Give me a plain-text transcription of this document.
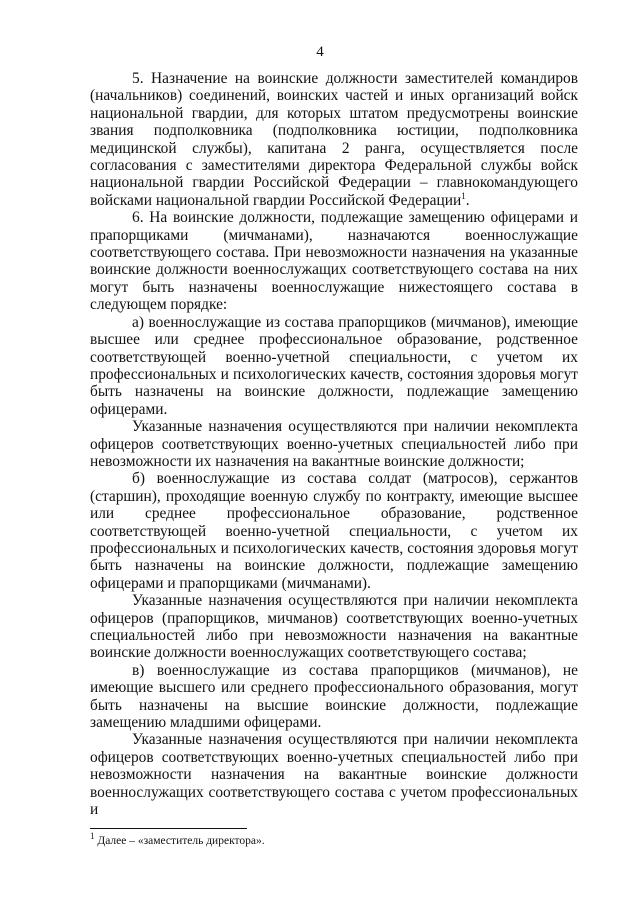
4

5. Назначение на воинские должности заместителей командиров (начальников) соединений, воинских частей и иных организаций войск национальной гвардии, для которых штатом предусмотрены воинские звания подполковника (подполковника юстиции, подполковника медицинской службы), капитана 2 ранга, осуществляется после согласования с заместителями директора Федеральной службы войск национальной гвардии Российской Федерации – главнокомандующего войсками национальной гвардии Российской Федерации$^1$.

6. На воинские должности, подлежащие замещению офицерами и прапорщиками (мичманами), назначаются военнослужащие соответствующего состава. При невозможности назначения на указанные воинские должности военнослужащих соответствующего состава на них могут быть назначены военнослужащие нижестоящего состава в следующем порядке:

а) военнослужащие из состава прапорщиков (мичманов), имеющие высшее или среднее профессиональное образование, родственное соответствующей военно-учетной специальности, с учетом их профессиональных и психологических качеств, состояния здоровья могут быть назначены на воинские должности, подлежащие замещению офицерами.

Указанные назначения осуществляются при наличии некомплекта офицеров соответствующих военно-учетных специальностей либо при невозможности их назначения на вакантные воинские должности;

б) военнослужащие из состава солдат (матросов), сержантов (старшин), проходящие военную службу по контракту, имеющие высшее или среднее профессиональное образование, родственное соответствующей военно-учетной специальности, с учетом их профессиональных и психологических качеств, состояния здоровья могут быть назначены на воинские должности, подлежащие замещению офицерами и прапорщиками (мичманами).

Указанные назначения осуществляются при наличии некомплекта офицеров (прапорщиков, мичманов) соответствующих военно-учетных специальностей либо при невозможности назначения на вакантные воинские должности военнослужащих соответствующего состава;

в) военнослужащие из состава прапорщиков (мичманов), не имеющие высшего или среднего профессионального образования, могут быть назначены на высшие воинские должности, подлежащие замещению младшими офицерами.

Указанные назначения осуществляются при наличии некомплекта офицеров соответствующих военно-учетных специальностей либо при невозможности назначения на вакантные воинские должности военнослужащих соответствующего состава с учетом профессиональных и

$^1$ Далее – «заместитель директора».
